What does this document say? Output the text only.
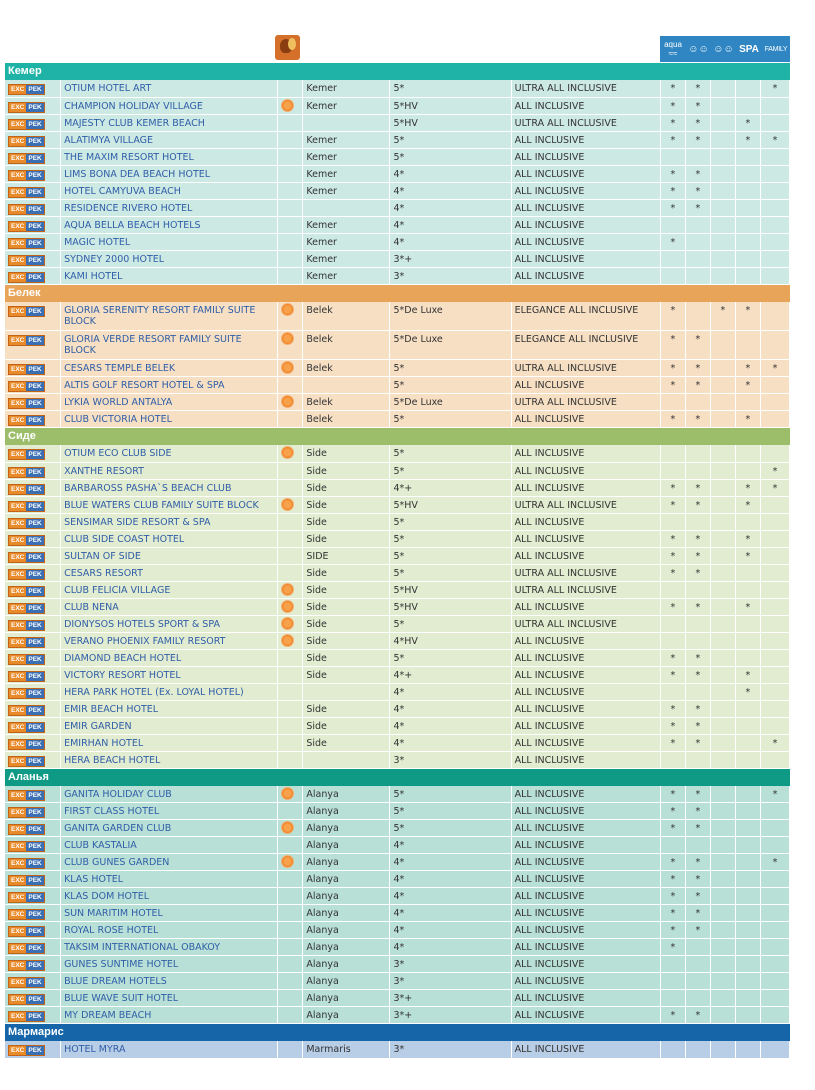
aqua
≈≈ ☺☺ ☺☺ SPA FAMILY
Кемер
EXC PEK	OTIUM HOTEL ART		Kemer	5*	ULTRA ALL INCLUSIVE	*	*			*

EXC PEK	CHAMPION HOLIDAY VILLAGE		Kemer	5*HV	ALL INCLUSIVE	*	*			

EXC PEK	MAJESTY CLUB KEMER BEACH			5*HV	ULTRA ALL INCLUSIVE	*	*		*	

EXC PEK	ALATIMYA VILLAGE		Kemer	5*	ALL INCLUSIVE	*	*		*	*

EXC PEK	THE MAXIM RESORT HOTEL		Kemer	5*	ALL INCLUSIVE					

EXC PEK	LIMS BONA DEA BEACH HOTEL		Kemer	4*	ALL INCLUSIVE	*	*			

EXC PEK	HOTEL CAMYUVA BEACH		Kemer	4*	ALL INCLUSIVE	*	*			

EXC PEK	RESIDENCE RIVERO HOTEL			4*	ALL INCLUSIVE	*	*			

EXC PEK	AQUA BELLA BEACH HOTELS		Kemer	4*	ALL INCLUSIVE					

EXC PEK	MAGIC HOTEL		Kemer	4*	ALL INCLUSIVE	*				

EXC PEK	SYDNEY 2000 HOTEL		Kemer	3*+	ALL INCLUSIVE					

EXC PEK	KAMI HOTEL		Kemer	3*	ALL INCLUSIVE					
Белек
EXC PEK	GLORIA SERENITY RESORT FAMILY SUITE BLOCK		Belek	5*De Luxe	ELEGANCE ALL INCLUSIVE	*		*	*	

EXC PEK	GLORIA VERDE RESORT FAMILY SUITE BLOCK		Belek	5*De Luxe	ELEGANCE ALL INCLUSIVE	*	*			

EXC PEK	CESARS TEMPLE BELEK		Belek	5*	ULTRA ALL INCLUSIVE	*	*		*	*

EXC PEK	ALTIS GOLF RESORT HOTEL & SPA			5*	ALL INCLUSIVE	*	*		*	

EXC PEK	LYKIA WORLD ANTALYA		Belek	5*De Luxe	ULTRA ALL INCLUSIVE					

EXC PEK	CLUB VICTORIA HOTEL		Belek	5*	ALL INCLUSIVE	*	*		*	
Сиде
EXC PEK	OTIUM ECO CLUB SIDE		Side	5*	ALL INCLUSIVE					

EXC PEK	XANTHE RESORT		Side	5*	ALL INCLUSIVE					*

EXC PEK	BARBAROSS PASHA`S BEACH CLUB		Side	4*+	ALL INCLUSIVE	*	*		*	*

EXC PEK	BLUE WATERS CLUB FAMILY SUITE BLOCK		Side	5*HV	ULTRA ALL INCLUSIVE	*	*		*	

EXC PEK	SENSIMAR SIDE RESORT & SPA		Side	5*	ALL INCLUSIVE					

EXC PEK	CLUB SIDE COAST HOTEL		Side	5*	ALL INCLUSIVE	*	*		*	

EXC PEK	SULTAN OF SIDE		SIDE	5*	ALL INCLUSIVE	*	*		*	

EXC PEK	CESARS RESORT		Side	5*	ULTRA ALL INCLUSIVE	*	*			

EXC PEK	CLUB FELICIA VILLAGE		Side	5*HV	ULTRA ALL INCLUSIVE					

EXC PEK	CLUB NENA		Side	5*HV	ALL INCLUSIVE	*	*		*	

EXC PEK	DIONYSOS HOTELS SPORT & SPA		Side	5*	ULTRA ALL INCLUSIVE					

EXC PEK	VERANO PHOENIX FAMILY RESORT		Side	4*HV	ALL INCLUSIVE					

EXC PEK	DIAMOND BEACH HOTEL		Side	5*	ALL INCLUSIVE	*	*			

EXC PEK	VICTORY RESORT HOTEL		Side	4*+	ALL INCLUSIVE	*	*		*	

EXC PEK	HERA PARK HOTEL (Ex. LOYAL HOTEL)			4*	ALL INCLUSIVE				*	

EXC PEK	EMIR BEACH HOTEL		Side	4*	ALL INCLUSIVE	*	*			

EXC PEK	EMIR GARDEN		Side	4*	ALL INCLUSIVE	*	*			

EXC PEK	EMIRHAN HOTEL		Side	4*	ALL INCLUSIVE	*	*			*

EXC PEK	HERA BEACH HOTEL			3*	ALL INCLUSIVE					
Аланья
EXC PEK	GANITA HOLIDAY CLUB		Alanya	5*	ALL INCLUSIVE	*	*			*

EXC PEK	FIRST CLASS HOTEL		Alanya	5*	ALL INCLUSIVE	*	*			

EXC PEK	GANITA GARDEN CLUB		Alanya	5*	ALL INCLUSIVE	*	*			

EXC PEK	CLUB KASTALIA		Alanya	4*	ALL INCLUSIVE					

EXC PEK	CLUB GUNES GARDEN		Alanya	4*	ALL INCLUSIVE	*	*			*

EXC PEK	KLAS HOTEL		Alanya	4*	ALL INCLUSIVE	*	*			

EXC PEK	KLAS DOM HOTEL		Alanya	4*	ALL INCLUSIVE	*	*			

EXC PEK	SUN MARITIM HOTEL		Alanya	4*	ALL INCLUSIVE	*	*			

EXC PEK	ROYAL ROSE HOTEL		Alanya	4*	ALL INCLUSIVE	*	*			

EXC PEK	TAKSIM INTERNATIONAL OBAKOY		Alanya	4*	ALL INCLUSIVE	*				

EXC PEK	GUNES SUNTIME HOTEL		Alanya	3*	ALL INCLUSIVE					

EXC PEK	BLUE DREAM HOTELS		Alanya	3*	ALL INCLUSIVE					

EXC PEK	BLUE WAVE SUIT HOTEL		Alanya	3*+	ALL INCLUSIVE					

EXC PEK	MY DREAM BEACH		Alanya	3*+	ALL INCLUSIVE	*	*			
Мармарис
EXC PEK	HOTEL MYRA		Marmaris	3*	ALL INCLUSIVE					
